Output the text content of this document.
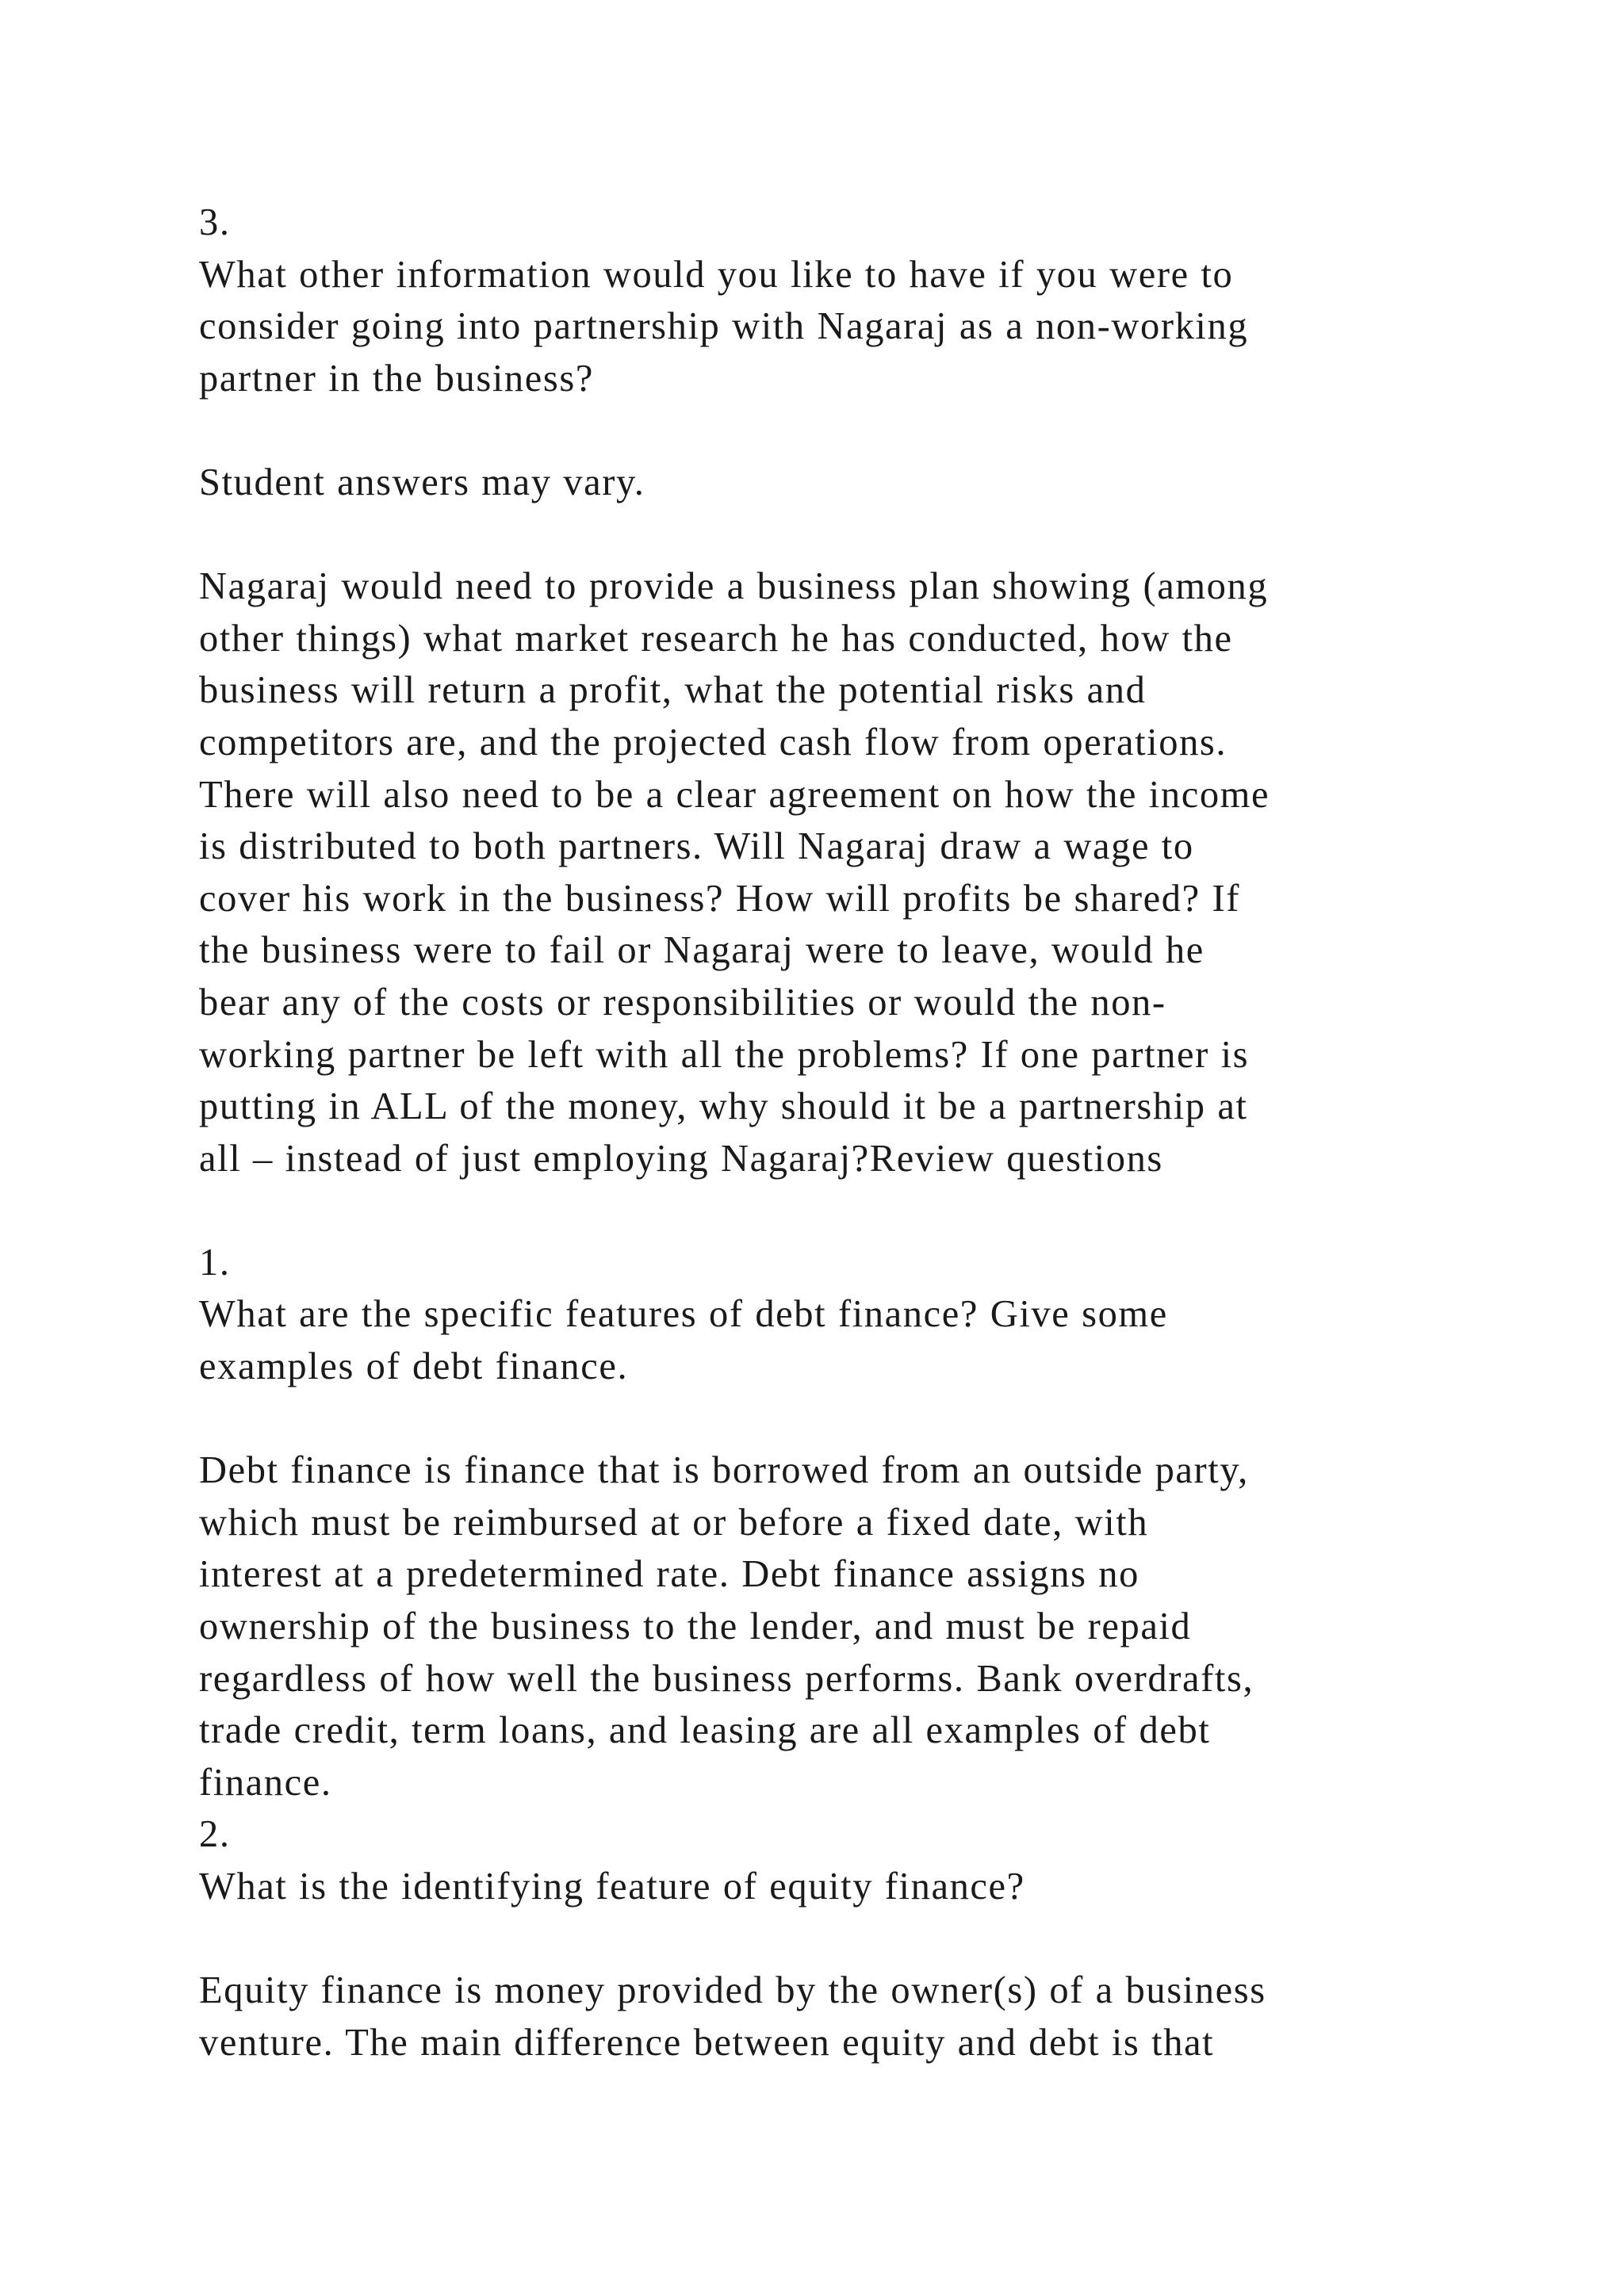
3.
What other information would you like to have if you were to
consider going into partnership with Nagaraj as a non-working
partner in the business?
Student answers may vary.
Nagaraj would need to provide a business plan showing (among
other things) what market research he has conducted, how the
business will return a profit, what the potential risks and
competitors are, and the projected cash flow from operations.
There will also need to be a clear agreement on how the income
is distributed to both partners. Will Nagaraj draw a wage to
cover his work in the business? How will profits be shared? If
the business were to fail or Nagaraj were to leave, would he
bear any of the costs or responsibilities or would the non-
working partner be left with all the problems? If one partner is
putting in ALL of the money, why should it be a partnership at
all – instead of just employing Nagaraj?Review questions
1.
What are the specific features of debt finance? Give some
examples of debt finance.
Debt finance is finance that is borrowed from an outside party,
which must be reimbursed at or before a fixed date, with
interest at a predetermined rate. Debt finance assigns no
ownership of the business to the lender, and must be repaid
regardless of how well the business performs. Bank overdrafts,
trade credit, term loans, and leasing are all examples of debt
finance.
2.
What is the identifying feature of equity finance?
Equity finance is money provided by the owner(s) of a business
venture. The main difference between equity and debt is that
